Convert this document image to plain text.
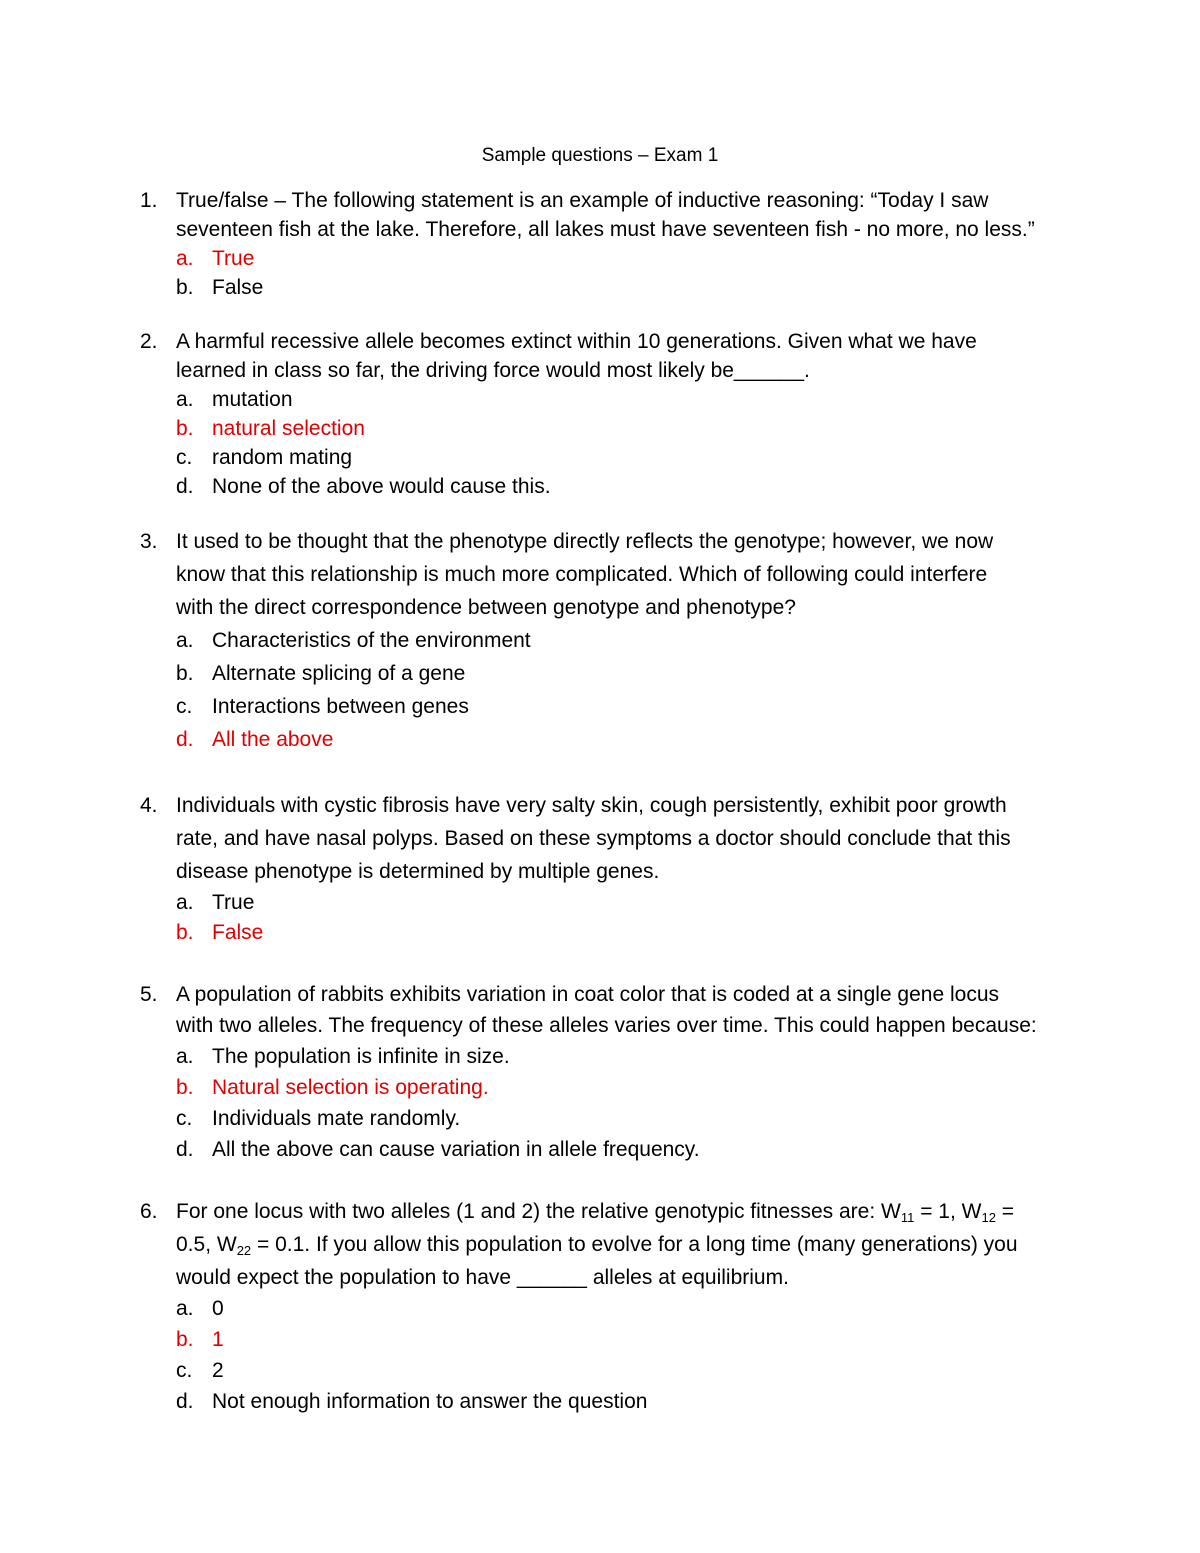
Sample questions – Exam 1
1. True/false – The following statement is an example of inductive reasoning: “Today I saw
seventeen fish at the lake. Therefore, all lakes must have seventeen fish - no more, no less.”
a. True
b. False
2. A harmful recessive allele becomes extinct within 10 generations. Given what we have
learned in class so far, the driving force would most likely be______.
a. mutation
b. natural selection
c. random mating
d. None of the above would cause this.
3. It used to be thought that the phenotype directly reflects the genotype; however, we now
know that this relationship is much more complicated. Which of following could interfere
with the direct correspondence between genotype and phenotype?
a. Characteristics of the environment
b. Alternate splicing of a gene
c. Interactions between genes
d. All the above
4. Individuals with cystic fibrosis have very salty skin, cough persistently, exhibit poor growth
rate, and have nasal polyps. Based on these symptoms a doctor should conclude that this
disease phenotype is determined by multiple genes.
a. True
b. False
5. A population of rabbits exhibits variation in coat color that is coded at a single gene locus
with two alleles. The frequency of these alleles varies over time. This could happen because:
a. The population is infinite in size.
b. Natural selection is operating.
c. Individuals mate randomly.
d. All the above can cause variation in allele frequency.
6. For one locus with two alleles (1 and 2) the relative genotypic fitnesses are: $W_{11} = 1$, $W_{12}$ =
0.5, $W_{22} = 0.1$. If you allow this population to evolve for a long time (many generations) you
would expect the population to have ______ alleles at equilibrium.
a. 0
b. 1
c. 2
d. Not enough information to answer the question
